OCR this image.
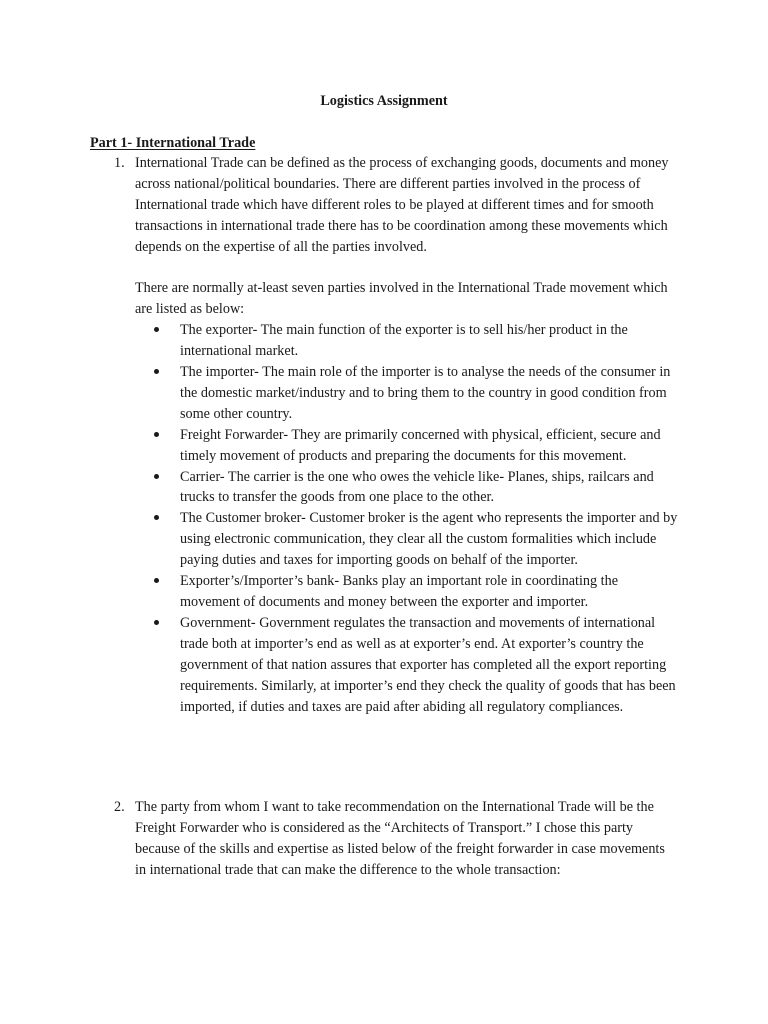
Logistics Assignment
Part 1- International Trade
1. International Trade can be defined as the process of exchanging goods, documents and money across national/political boundaries. There are different parties involved in the process of International trade which have different roles to be played at different times and for smooth transactions in international trade there has to be coordination among these movements which depends on the expertise of all the parties involved.

There are normally at-least seven parties involved in the International Trade movement which are listed as below:

The exporter- The main function of the exporter is to sell his/her product in the international market.
The importer- The main role of the importer is to analyse the needs of the consumer in the domestic market/industry and to bring them to the country in good condition from some other country.
Freight Forwarder- They are primarily concerned with physical, efficient, secure and timely movement of products and preparing the documents for this movement.
Carrier- The carrier is the one who owes the vehicle like- Planes, ships, railcars and trucks to transfer the goods from one place to the other.
The Customer broker- Customer broker is the agent who represents the importer and by using electronic communication, they clear all the custom formalities which include paying duties and taxes for importing goods on behalf of the importer.
Exporter’s/Importer’s bank- Banks play an important role in coordinating the movement of documents and money between the exporter and importer.
Government- Government regulates the transaction and movements of international trade both at importer’s end as well as at exporter’s end. At exporter’s country the government of that nation assures that exporter has completed all the export reporting requirements. Similarly, at importer’s end they check the quality of goods that has been imported, if duties and taxes are paid after abiding all regulatory compliances.
2. The party from whom I want to take recommendation on the International Trade will be the Freight Forwarder who is considered as the “Architects of Transport.” I chose this party because of the skills and expertise as listed below of the freight forwarder in case movements in international trade that can make the difference to the whole transaction:
